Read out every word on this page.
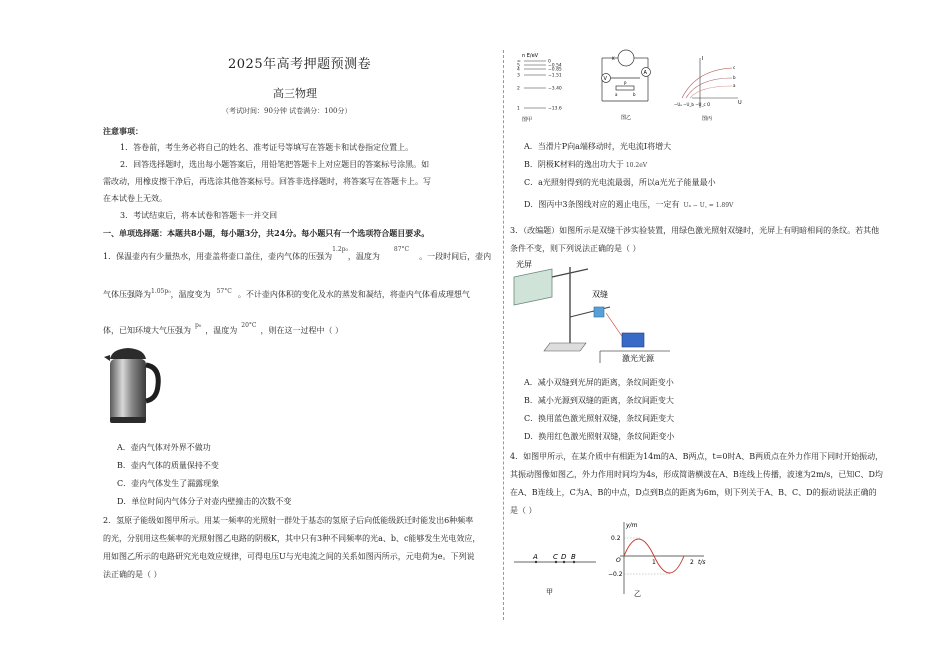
2025年高考押题预测卷
高三物理
（考试时间：90分钟 试卷满分：100分）
注意事项：
1．答卷前，考生务必将自己的姓名、准考证号等填写在答题卡和试卷指定位置上。
2．回答选择题时，选出每小题答案后，用铅笔把答题卡上对应题目的答案标号涂黑。如
需改动，用橡皮擦干净后，再选涂其他答案标号。回答非选择题时，将答案写在答题卡上。写
在本试卷上无效。
3．考试结束后，将本试卷和答题卡一并交回
一、单项选择题：本题共8小题，每小题3分，共24分。每小题只有一个选项符合题目要求。
1．保温壶内有少量热水，用壶盖将壶口盖住，壶内气体的压强为$^{1.2p_0}$，温度为$^{87^\circ C}$。一段时间后，壶内
气体压强降为$^{1.05p_0}$，温度变为 $^{57^\circ C}$ 。不计壶内体积的变化及水的蒸发和凝结，将壶内气体看成理想气
体，已知环境大气压强为$^{p_0}$，温度为$^{20^\circ C}$，则在这一过程中（ ）
A．壶内气体对外界不做功
B．壶内气体的质量保持不变
C．壶内气体发生了漏露现象
D．单位时间内气体分子对壶内壁撞击的次数不变
2．氢原子能级如图甲所示。用某一频率的光照射一群处于基态的氢原子后向低能级跃迁时能发出6种频率
的光，分别用这些频率的光照射图乙电路的阴极K，其中只有3种不同频率的光a、b、c能够发生光电效应，
用如图乙所示的电路研究光电效应规律，可得电压U与光电流之间的关系如图丙所示，元电荷为e。下列说
法正确的是（ ）
n E/eV
∞	0
5	−0.54
4	−0.85
3	−1.51
2	−3.40
1	−13.6
图甲
V
A
K
P
a	b
图乙
I
U
−Uₐ −U_b −U_c O
c
b
a
图丙
A．当滑片P向a端移动时，光电流I将增大
B．阴极K材料的逸出功大于 10.2eV
C．a光照射得到的光电流最弱，所以a光光子能量最小
D．图丙中3条图线对应的遏止电压，一定有 Uₐ − U꜀ = 1.89V
3．（改编题）如图所示是双缝干涉实验装置，用绿色激光照射双缝时，光屏上有明暗相间的条纹。若其他
条件不变，则下列说法正确的是（ ）
光屏
双缝
激光光源
A．减小双缝到光屏的距离，条纹间距变小
B．减小光源到双缝的距离，条纹间距变大
C．换用蓝色激光照射双缝，条纹间距变大
D．换用红色激光照射双缝，条纹间距变小
4．如图甲所示，在某介质中有相距为14m的A、B两点，t=0时A、B两质点在外力作用下同时开始振动，
其振动图像如图乙，外力作用时间均为4s，形成简谐横波在A、B连线上传播，波速为2m/s，已知C、D均
在A、B连线上，C为A、B的中点，D点到B点的距离为6m，则下列关于A、B、C、D的振动说法正确的
是（ ）
A C D B
甲
y/m
t/s
0.2
−0.2
O	1	2
乙
